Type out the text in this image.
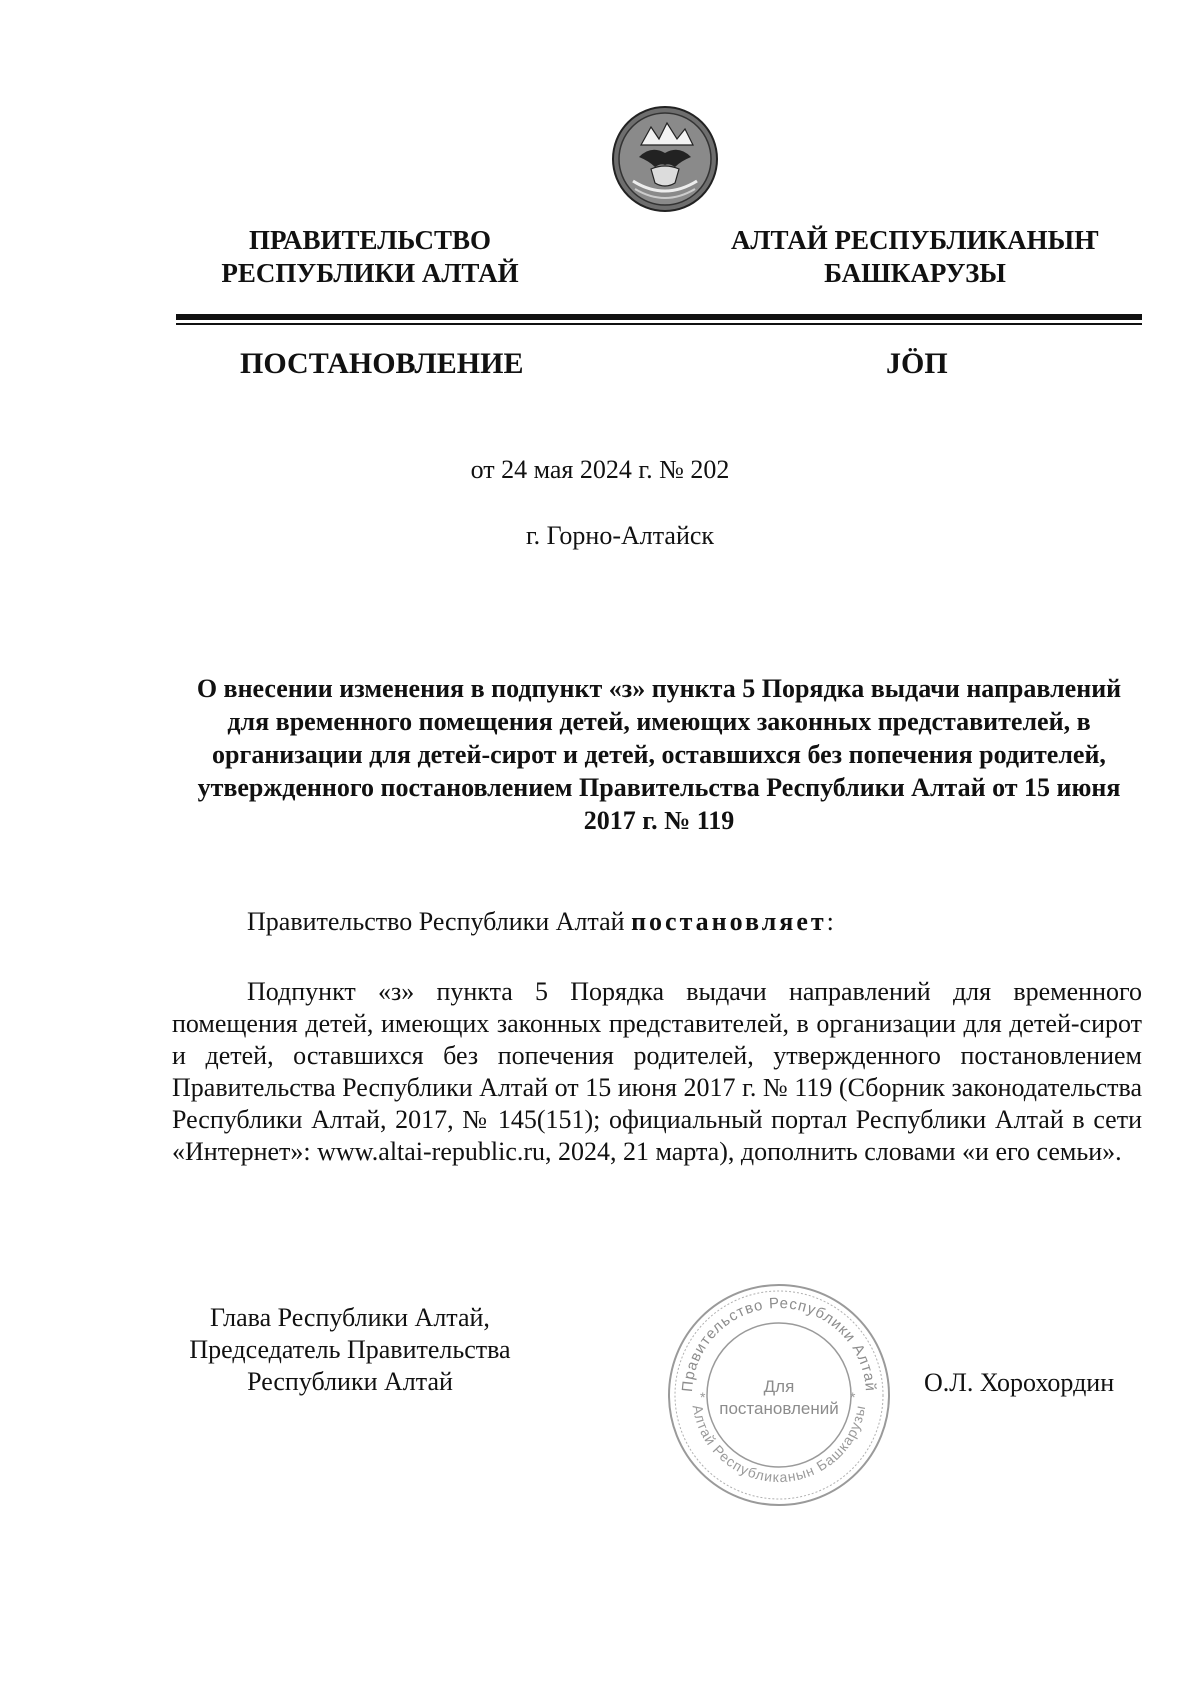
ПРАВИТЕЛЬСТВО
РЕСПУБЛИКИ АЛТАЙ
АЛТАЙ РЕСПУБЛИКАНЫҤ
БАШКАРУЗЫ
ПОСТАНОВЛЕНИЕ	JӦП
от 24 мая 2024 г. № 202
г. Горно-Алтайск
О внесении изменения в подпункт «з» пункта 5 Порядка выдачи направлений для временного помещения детей, имеющих законных представителей, в организации для детей-сирот и детей, оставшихся без попечения родителей, утвержденного постановлением Правительства Республики Алтай от 15 июня 2017 г. № 119
Правительство Республики Алтай постановляет:
Подпункт «з» пункта 5 Порядка выдачи направлений для временного помещения детей, имеющих законных представителей, в организации для детей-сирот и детей, оставшихся без попечения родителей, утвержденного постановлением Правительства Республики Алтай от 15 июня 2017 г. № 119 (Сборник законодательства Республики Алтай, 2017, № 145(151); официальный портал Республики Алтай в сети «Интернет»: www.altai-republic.ru, 2024, 21 марта), дополнить словами «и его семьи».
Глава Республики Алтай,
Председатель Правительства
Республики Алтай	Правительство Республики Алтай
Алтай Республиканын Башкарузы
Для
постановлений
*	*	О.Л. Хорохордин
